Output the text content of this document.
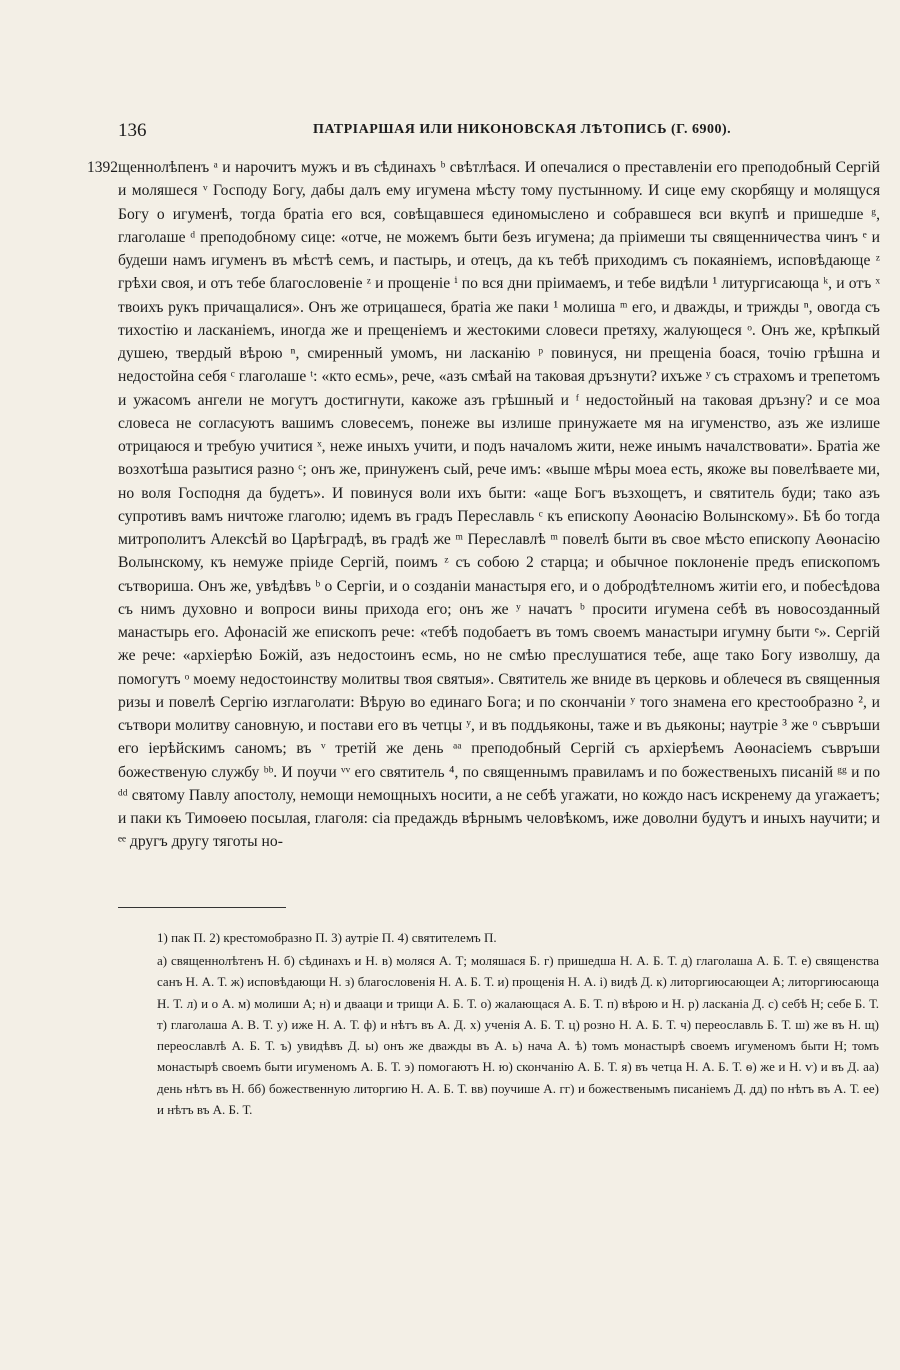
136	ПАТРІАРШАЯ ИЛИ НИКОНОВСКАЯ ЛѢТОПИСЬ (Г. 6900).
1392 щеннолѣпенъ ᵃ и нарочитъ мужъ и въ сѣдинахъ ᵇ свѣтлѣася. И опечалися о преставленіи его преподобный Сергій и моляшеся ᵛ Господу Богу, дабы далъ ему игумена мѣсту тому пустынному. И сице ему скорбящу и молящуся Богу о игуменѣ, тогда братіа его вся, совѣщавшеся единомыслено и собравшеся вси вкупѣ и пришедше ᵍ, глаголаше ᵈ преподобному сице: «отче, не можемъ быти безъ игумена; да пріимеши ты священничества чинъ ᵉ и будеши намъ игуменъ въ мѣстѣ семъ, и пастырь, и отецъ, да къ тебѣ приходимъ съ покаяніемъ, исповѣдающе ᶻ грѣхи своя, и отъ тебе благословеніе ᶻ и прощеніе ⁱ по вся дни пріимаемъ, и тебе видѣли ¹ литургисающа ᵏ, и отъ ˣ твоихъ рукъ причащалися». Онъ же отрицашеся, братіа же паки ¹ молиша ᵐ его, и дважды, и трижды ⁿ, овогда съ тихостію и ласканіемъ, иногда же и прещеніемъ и жестокими словеси претяху, жалующеся ᵒ. Онъ же, крѣпкый душею, твердый вѣрою ⁿ, смиренный умомъ, ни ласканію ᵖ повинуся, ни прещеніа боася, точію грѣшна и недостойна себя ᶜ глаголаше ᵗ: «кто есмь», рече, «азъ смѣай на таковая дръзнути? ихъже ʸ съ страхомъ и трепетомъ и ужасомъ ангели не могутъ достигнути, какоже азъ грѣшный и ᶠ недостойный на таковая дръзну? и се моа словеса не согласуютъ вашимъ словесемъ, понеже вы излише принужаете мя на игуменство, азъ же излише отрицаюся и требую учитися ˣ, неже иныхъ учити, и подъ началомъ жити, неже инымъ началствовати». Братіа же возхотѣша разытися разно ᶜ; онъ же, принуженъ сый, рече имъ: «выше мѣры моеа есть, якоже вы повелѣваете ми, но воля Господня да будетъ». И повинуся воли ихъ быти: «аще Богъ възхощетъ, и святитель буди; тако азъ супротивъ вамъ ничтоже глаголю; идемъ въ градъ Переславль ᶜ къ епископу Аѳонасію Волынскому». Бѣ бо тогда митрополитъ Алексѣй во Царѣградѣ, въ градѣ же ᵐ Переславлѣ ᵐ повелѣ быти въ свое мѣсто епископу Аѳонасію Волынскому, къ немуже пріиде Сергій, поимъ ᶻ съ собою 2 старца; и обычное поклоненіе предъ епископомъ сътвориша. Онъ же, увѣдѣвъ ᵇ о Сергіи, и о созданіи манастыря его, и о добродѣтелномъ житіи его, и побесѣдова съ нимъ духовно и вопроси вины прихода его; онъ же ʸ начатъ ᵇ просити игумена себѣ въ новосозданный манастырь его. Афонасій же епископъ рече: «тебѣ подобаетъ въ томъ своемъ манастыри игумну быти ᵉ». Сергій же рече: «архіерѣю Божій, азъ недостоинъ есмь, но не смѣю преслушатися тебе, аще тако Богу изволшу, да помогутъ ᵒ моему недостоинству молитвы твоя святыя». Святитель же вниде въ церковь и облечеся въ священныя ризы и повелѣ Сергію изглаголати: Вѣрую во единаго Бога; и по скончаніи ʸ того знамена его крестообразно ², и сътвори молитву сановную, и постави его въ четцы ʸ, и въ поддьяконы, таже и въ дьяконы; наутріе ³ же ᵒ съвръши его іерѣйскимъ саномъ; въ ᵛ третій же день ᵃᵃ преподобный Сергій съ архіерѣемъ Аѳонасіемъ съвръши божественую службу ᵇᵇ. И поучи ᵛᵛ его святитель ⁴, по священнымъ правиламъ и по божественыхъ писаній ᵍᵍ и по ᵈᵈ святому Павлу апостолу, немощи немощныхъ носити, а не себѣ угажати, но кождо насъ искренему да угажаетъ; и паки къ Тимоѳею посылая, глаголя: сіа предаждь вѣрнымъ человѣкомъ, иже доволни будутъ и иныхъ научити; и ᵉᵉ другъ другу тяготы но-

1) пак П. 2) крестомобразно П. 3) аутріе П. 4) святителемъ П.

а) священнолѣтенъ Н. б) сѣдинахъ и Н. в) моляся А. Т; моляшася Б. г) пришедша Н. А. Б. Т. д) глаголаша А. Б. Т. е) священства санъ Н. А. Т. ж) исповѣдающи Н. з) благословенія Н. А. Б. Т. и) прощенія Н. А. і) видѣ Д. к) литоргиюсающеи А; литоргиюсающа Н. Т. л) и о А. м) молиши А; н) и двааци и трищи А. Б. Т. о) жалающася А. Б. Т. п) вѣрою и Н. р) ласканіа Д. с) себѣ Н; себе Б. Т. т) глаголаша А. В. Т. у) иже Н. А. Т. ф) и нѣтъ въ А. Д. х) ученія А. Б. Т. ц) розно Н. А. Б. Т. ч) переославль Б. Т. ш) же въ Н. щ) переославлѣ А. Б. Т. ъ) увидѣвъ Д. ы) онъ же дважды въ А. ь) нача А. ѣ) томъ монастырѣ своемъ игуменомъ быти Н; томъ монастырѣ своемъ быти игуменомъ А. Б. Т. э) помогаютъ Н. ю) скончанію А. Б. Т. я) въ четца Н. А. Б. Т. ѳ) же и Н. ѵ) и въ Д. аа) день нѣтъ въ Н. бб) божественную литоргию Н. А. Б. Т. вв) поучише А. гг) и божественымъ писаніемъ Д. дд) по нѣтъ въ А. Т. ее) и нѣтъ въ А. Б. Т.
